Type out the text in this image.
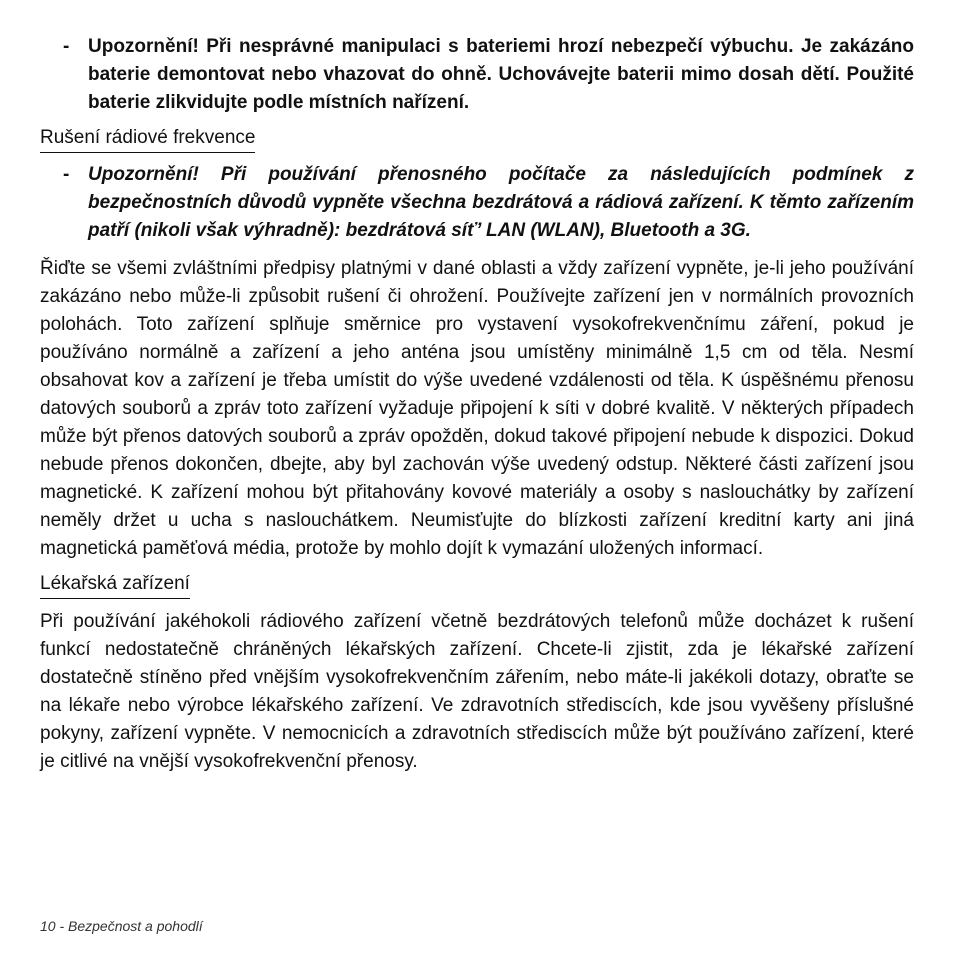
- Upozornění! Při nesprávné manipulaci s bateriemi hrozí nebezpečí výbuchu. Je zakázáno baterie demontovat nebo vhazovat do ohně. Uchovávejte baterii mimo dosah dětí. Použité baterie zlikvidujte podle místních nařízení.
Rušení rádiové frekvence
- Upozornění! Při používání přenosného počítače za následujících podmínek z bezpečnostních důvodů vypněte všechna bezdrátová a rádiová zařízení. K těmto zařízením patří (nikoli však výhradně): bezdrátová síť’ LAN (WLAN), Bluetooth a 3G.
Řiďte se všemi zvláštními předpisy platnými v dané oblasti a vždy zařízení vypněte, je-li jeho používání zakázáno nebo může-li způsobit rušení či ohrožení. Používejte zařízení jen v normálních provozních polohách. Toto zařízení splňuje směrnice pro vystavení vysokofrekvenčnímu záření, pokud je používáno normálně a zařízení a jeho anténa jsou umístěny minimálně 1,5 cm od těla. Nesmí obsahovat kov a zařízení je třeba umístit do výše uvedené vzdálenosti od těla. K úspěšnému přenosu datových souborů a zpráv toto zařízení vyžaduje připojení k síti v dobré kvalitě. V některých případech může být přenos datových souborů a zpráv opožděn, dokud takové připojení nebude k dispozici. Dokud nebude přenos dokončen, dbejte, aby byl zachován výše uvedený odstup. Některé části zařízení jsou magnetické. K zařízení mohou být přitahovány kovové materiály a osoby s naslouchátky by zařízení neměly držet u ucha s naslouchátkem. Neumisťujte do blízkosti zařízení kreditní karty ani jiná magnetická paměťová média, protože by mohlo dojít k vymazání uložených informací.
Lékařská zařízení
Při používání jakéhokoli rádiového zařízení včetně bezdrátových telefonů může docházet k rušení funkcí nedostatečně chráněných lékařských zařízení. Chcete-li zjistit, zda je lékařské zařízení dostatečně stíněno před vnějším vysokofrekvenčním zářením, nebo máte-li jakékoli dotazy, obraťte se na lékaře nebo výrobce lékařského zařízení. Ve zdravotních střediscích, kde jsou vyvěšeny příslušné pokyny, zařízení vypněte. V nemocnicích a zdravotních střediscích může být používáno zařízení, které je citlivé na vnější vysokofrekvenční přenosy.
10 - Bezpečnost a pohodlí
